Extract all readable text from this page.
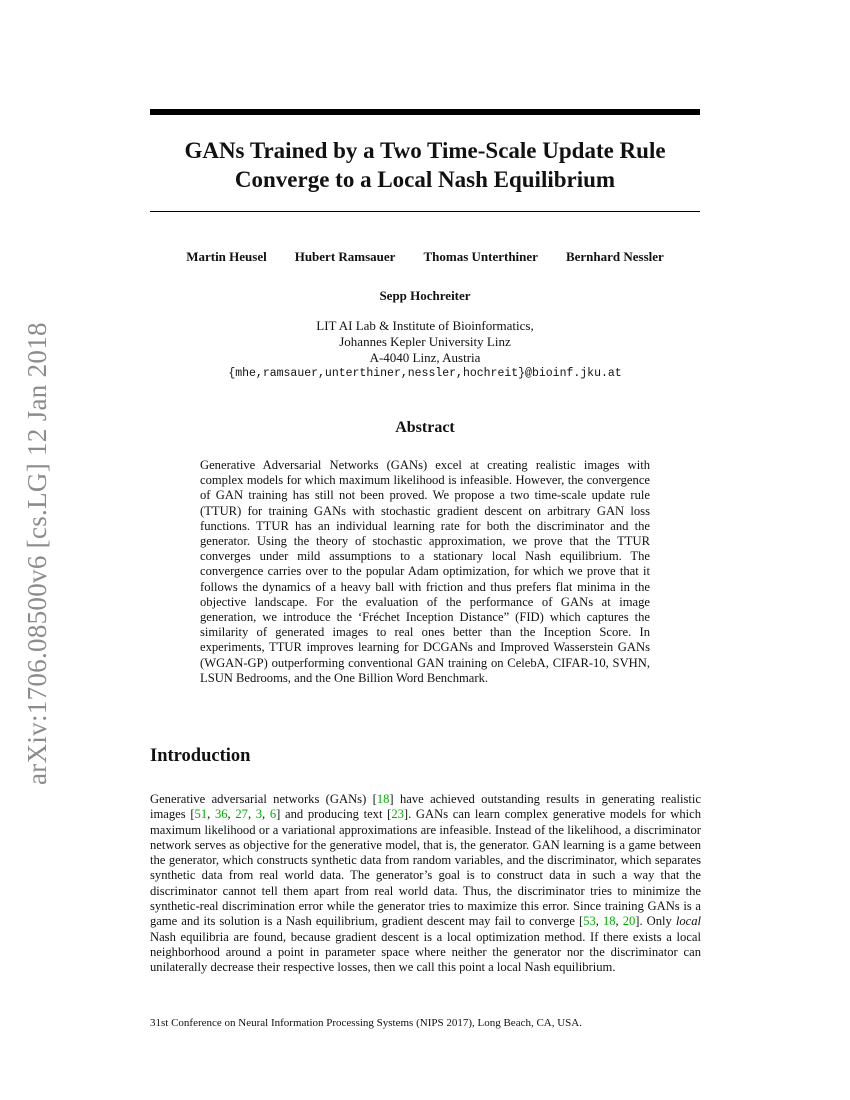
arXiv:1706.08500v6 [cs.LG] 12 Jan 2018
GANs Trained by a Two Time-Scale Update Rule
Converge to a Local Nash Equilibrium
Martin Heusel Hubert Ramsauer Thomas Unterthiner Bernhard Nessler
Sepp Hochreiter
LIT AI Lab & Institute of Bioinformatics,
Johannes Kepler University Linz
A-4040 Linz, Austria
{mhe,ramsauer,unterthiner,nessler,hochreit}@bioinf.jku.at
Abstract
Generative Adversarial Networks (GANs) excel at creating realistic images with complex models for which maximum likelihood is infeasible. However, the convergence of GAN training has still not been proved. We propose a two time-scale update rule (TTUR) for training GANs with stochastic gradient descent on arbitrary GAN loss functions. TTUR has an individual learning rate for both the discriminator and the generator. Using the theory of stochastic approximation, we prove that the TTUR converges under mild assumptions to a stationary local Nash equilibrium. The convergence carries over to the popular Adam optimization, for which we prove that it follows the dynamics of a heavy ball with friction and thus prefers flat minima in the objective landscape. For the evaluation of the performance of GANs at image generation, we introduce the ‘Fréchet Inception Distance” (FID) which captures the similarity of generated images to real ones better than the Inception Score. In experiments, TTUR improves learning for DCGANs and Improved Wasserstein GANs (WGAN-GP) outperforming conventional GAN training on CelebA, CIFAR-10, SVHN, LSUN Bedrooms, and the One Billion Word Benchmark.
Introduction
Generative adversarial networks (GANs) [18] have achieved outstanding results in generating realistic images [51, 36, 27, 3, 6] and producing text [23]. GANs can learn complex generative models for which maximum likelihood or a variational approximations are infeasible. Instead of the likelihood, a discriminator network serves as objective for the generative model, that is, the generator. GAN learning is a game between the generator, which constructs synthetic data from random variables, and the discriminator, which separates synthetic data from real world data. The generator’s goal is to construct data in such a way that the discriminator cannot tell them apart from real world data. Thus, the discriminator tries to minimize the synthetic-real discrimination error while the generator tries to maximize this error. Since training GANs is a game and its solution is a Nash equilibrium, gradient descent may fail to converge [53, 18, 20]. Only local Nash equilibria are found, because gradient descent is a local optimization method. If there exists a local neighborhood around a point in parameter space where neither the generator nor the discriminator can unilaterally decrease their respective losses, then we call this point a local Nash equilibrium.
31st Conference on Neural Information Processing Systems (NIPS 2017), Long Beach, CA, USA.
